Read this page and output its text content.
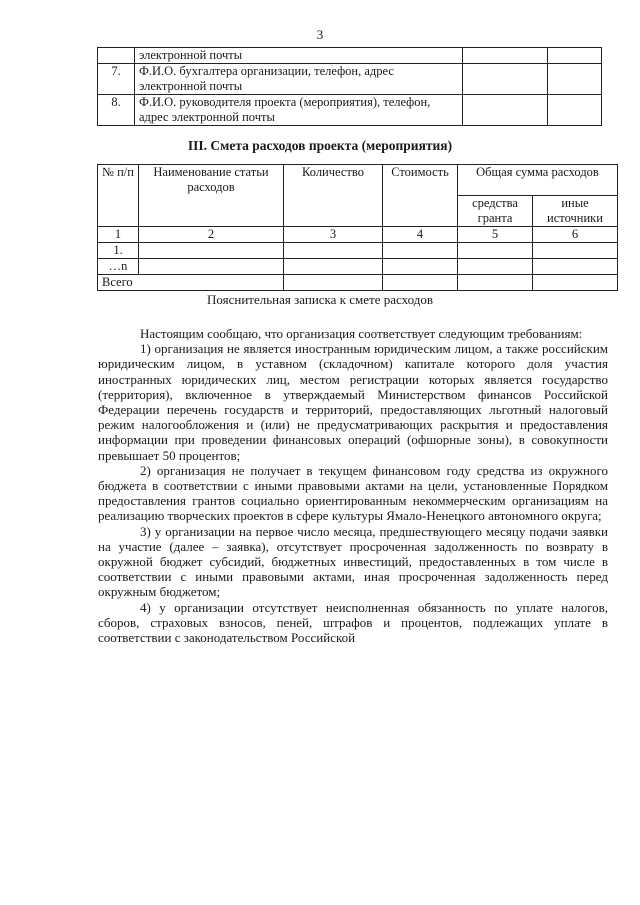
3
	электронной почты		
7.	Ф.И.О. бухгалтера организации, телефон, адрес электронной почты		
8.	Ф.И.О. руководителя проекта (мероприятия), телефон, адрес электронной почты		
III. Смета расходов проекта (мероприятия)
№ п/п	Наименование статьи расходов	Количество	Стоимость	Общая сумма расходов	
				средства гранта	иные источники
1	2	3	4	5	6
1.					
…n					
Всего					
Пояснительная записка к смете расходов

Настоящим сообщаю, что организация соответствует следующим требованиям:

1) организация не является иностранным юридическим лицом, а также российским юридическим лицом, в уставном (складочном) капитале которого доля участия иностранных юридических лиц, местом регистрации которых является государство (территория), включенное в утверждаемый Министерством финансов Российской Федерации перечень государств и территорий, предоставляющих льготный налоговый режим налогообложения и (или) не предусматривающих раскрытия и предоставления информации при проведении финансовых операций (офшорные зоны), в совокупности превышает 50 процентов;

2) организация не получает в текущем финансовом году средства из окружного бюджета в соответствии с иными правовыми актами на цели, установленные Порядком предоставления грантов социально ориентированным некоммерческим организациям на реализацию творческих проектов в сфере культуры Ямало-Ненецкого автономного округа;

3) у организации на первое число месяца, предшествующего месяцу подачи заявки на участие (далее – заявка), отсутствует просроченная задолженность по возврату в окружной бюджет субсидий, бюджетных инвестиций, предоставленных в том числе в соответствии с иными правовыми актами, иная просроченная задолженность перед окружным бюджетом;

4) у организации отсутствует неисполненная обязанность по уплате налогов, сборов, страховых взносов, пеней, штрафов и процентов, подлежащих уплате в соответствии с законодательством Российской
